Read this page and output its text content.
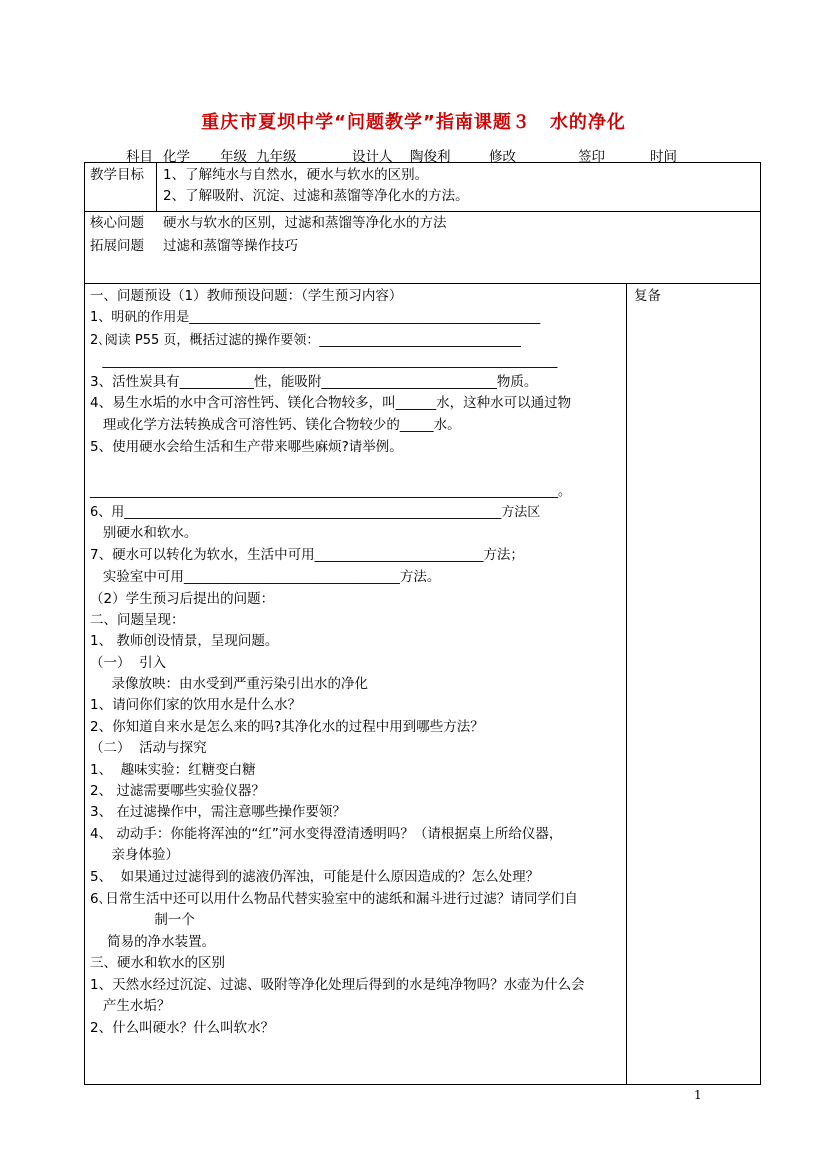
重庆市夏坝中学“问题教学”指南课题３　水的净化
科目 化学 年级 九年级	设计人 陶俊利	修改	签印	时间
教学目标 1、了解纯水与自然水，硬水与软水的区别。
2、了解吸附、沉淀、过滤和蒸馏等净化水的方法。
核心问题 硬水与软水的区别，过滤和蒸馏等净化水的方法
拓展问题 过滤和蒸馏等操作技巧
复备
一、问题预设（1）教师预设问题：（学生预习内容）
1、明矾的作用是______________________________________________________
2､阅读 P55 页，概括过滤的操作要领：_______________________________
______________________________________________________________________
3、活性炭具有___________性，能吸附__________________________物质。
4、易生水垢的水中含可溶性钙、镁化合物较多，叫______水，这种水可以通过物
理或化学方法转换成含可溶性钙、镁化合物较少的_____水。
5、使用硬水会给生活和生产带来哪些麻烦?请举例。
________________________________________________________________________。
6、用__________________________________________________________方法区
别硬水和软水。
7、硬水可以转化为软水，生活中可用_________________________方法；
实验室中可用________________________________方法。
（2）学生预习后提出的问题：
二、问题呈现：
1、 教师创设情景，呈现问题。
（一）  引入
录像放映：由水受到严重污染引出水的净化
1、请问你们家的饮用水是什么水？
2、你知道自来水是怎么来的吗?其净化水的过程中用到哪些方法？
（二）  活动与探究
1、  趣味实验：红糖变白糖
2、 过滤需要哪些实验仪器？
3、 在过滤操作中，需注意哪些操作要领？
4、 动动手：你能将浑浊的“红”河水变得澄清透明吗？（请根据桌上所给仪器，
亲身体验）
5、  如果通过过滤得到的滤液仍浑浊，可能是什么原因造成的？怎么处理？
6､日常生活中还可以用什么物品代替实验室中的滤纸和漏斗进行过滤？请同学们自
制一个
简易的净水装置。
三、硬水和软水的区别
1、天然水经过沉淀、过滤、吸附等净化处理后得到的水是纯净物吗？水壶为什么会
产生水垢？
2、什么叫硬水？什么叫软水？
1
